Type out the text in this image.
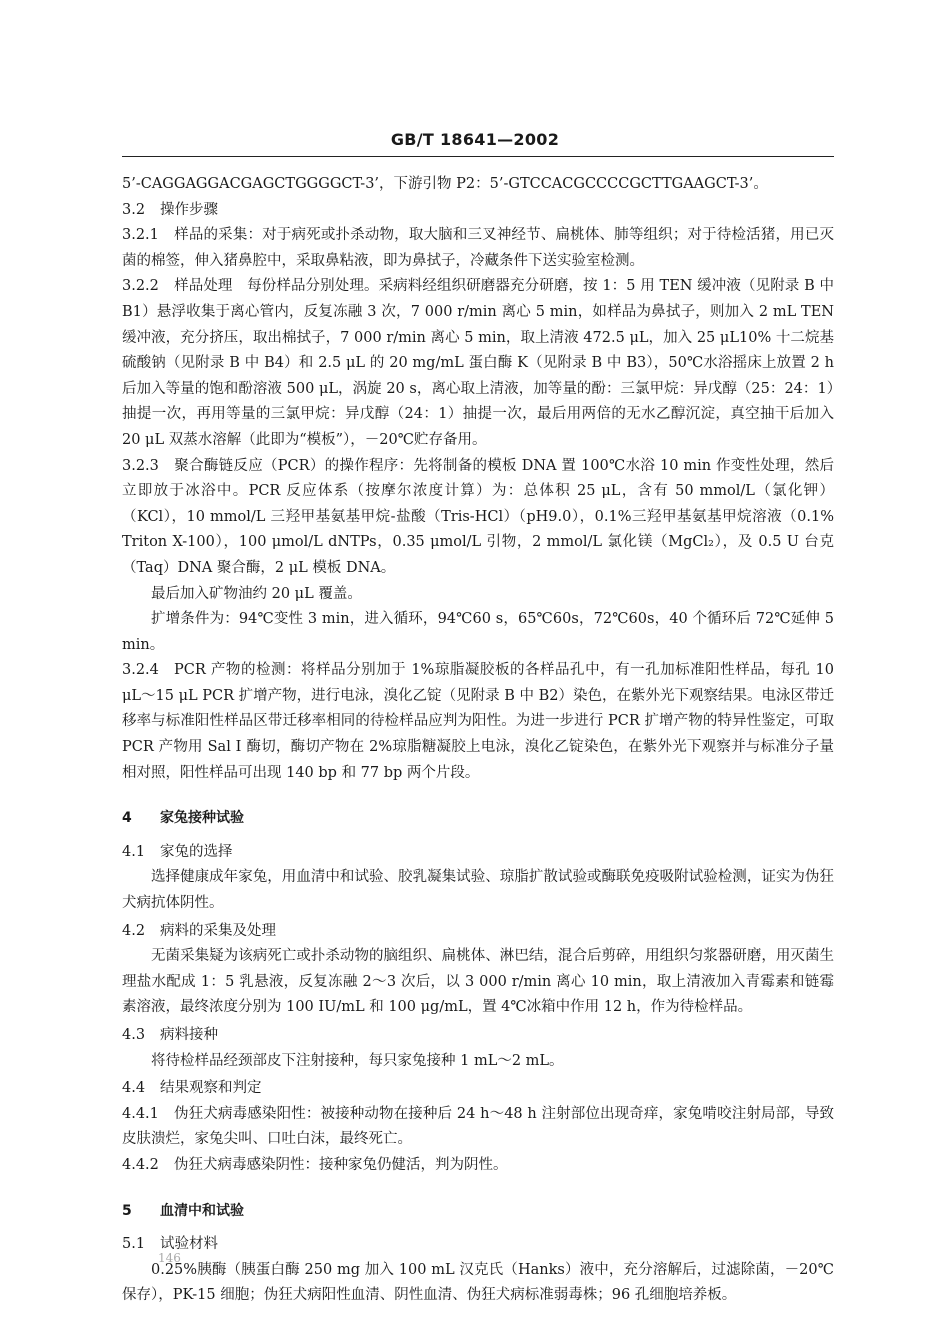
GB/T 18641—2002

5’-CAGGAGGACGAGCTGGGGCT-3’，下游引物 P2：5’-GTCCACGCCCCGCTTGAAGCT-3’。

3.2 操作步骤

3.2.1 样品的采集：对于病死或扑杀动物，取大脑和三叉神经节、扁桃体、肺等组织；对于待检活猪，用已灭菌的棉签，伸入猪鼻腔中，采取鼻粘液，即为鼻拭子，冷藏条件下送实验室检测。

3.2.2 样品处理　每份样品分别处理。采病料经组织研磨器充分研磨，按 1：5 用 TEN 缓冲液（见附录 B 中 B1）悬浮收集于离心管内，反复冻融 3 次，7 000 r/min 离心 5 min，如样品为鼻拭子，则加入 2 mL TEN缓冲液，充分挤压，取出棉拭子，7 000 r/min 离心 5 min，取上清液 472.5 μL，加入 25 μL10% 十二烷基硫酸钠（见附录 B 中 B4）和 2.5 μL 的 20 mg/mL 蛋白酶 K（见附录 B 中 B3），50℃水浴摇床上放置 2 h 后加入等量的饱和酚溶液 500 μL，涡旋 20 s，离心取上清液，加等量的酚：三氯甲烷：异戊醇（25：24：1）抽提一次，再用等量的三氯甲烷：异戊醇（24：1）抽提一次，最后用两倍的无水乙醇沉淀，真空抽干后加入 20 μL 双蒸水溶解（此即为“模板”），－20℃贮存备用。

3.2.3 聚合酶链反应（PCR）的操作程序：先将制备的模板 DNA 置 100℃水浴 10 min 作变性处理，然后立即放于冰浴中。PCR 反应体系（按摩尔浓度计算）为：总体积 25 μL，含有 50 mmol/L（氯化钾）（KCl），10 mmol/L 三羟甲基氨基甲烷-盐酸（Tris-HCl）（pH9.0），0.1%三羟甲基氨基甲烷溶液（0.1% Triton X-100），100 μmol/L dNTPs，0.35 μmol/L 引物，2 mmol/L 氯化镁（MgCl₂），及 0.5 U 台克（Taq）DNA 聚合酶，2 μL 模板 DNA。

最后加入矿物油约 20 μL 覆盖。

扩增条件为：94℃变性 3 min，进入循环，94℃60 s，65℃60s，72℃60s，40 个循环后 72℃延伸 5 min。

3.2.4 PCR 产物的检测：将样品分别加于 1%琼脂凝胶板的各样品孔中，有一孔加标准阳性样品，每孔 10 μL～15 μL PCR 扩增产物，进行电泳，溴化乙锭（见附录 B 中 B2）染色，在紫外光下观察结果。电泳区带迁移率与标准阳性样品区带迁移率相同的待检样品应判为阳性。为进一步进行 PCR 扩增产物的特异性鉴定，可取 PCR 产物用 Sal Ⅰ 酶切，酶切产物在 2%琼脂糖凝胶上电泳，溴化乙锭染色，在紫外光下观察并与标准分子量相对照，阳性样品可出现 140 bp 和 77 bp 两个片段。

4 家兔接种试验

4.1 家兔的选择

选择健康成年家兔，用血清中和试验、胶乳凝集试验、琼脂扩散试验或酶联免疫吸附试验检测，证实为伪狂犬病抗体阴性。

4.2 病料的采集及处理

无菌采集疑为该病死亡或扑杀动物的脑组织、扁桃体、淋巴结，混合后剪碎，用组织匀浆器研磨，用灭菌生理盐水配成 1：5 乳悬液，反复冻融 2～3 次后，以 3 000 r/min 离心 10 min，取上清液加入青霉素和链霉素溶液，最终浓度分别为 100 IU/mL 和 100 μg/mL，置 4℃冰箱中作用 12 h，作为待检样品。

4.3 病料接种

将待检样品经颈部皮下注射接种，每只家兔接种 1 mL～2 mL。

4.4 结果观察和判定

4.4.1 伪狂犬病毒感染阳性：被接种动物在接种后 24 h～48 h 注射部位出现奇痒，家兔啃咬注射局部，导致皮肤溃烂，家兔尖叫、口吐白沫，最终死亡。

4.4.2 伪狂犬病毒感染阴性：接种家兔仍健活，判为阴性。

5 血清中和试验

5.1 试验材料

0.25%胰酶（胰蛋白酶 250 mg 加入 100 mL 汉克氏（Hanks）液中，充分溶解后，过滤除菌，－20℃保存），PK-15 细胞；伪狂犬病阳性血清、阴性血清、伪狂犬病标准弱毒株；96 孔细胞培养板。

146
